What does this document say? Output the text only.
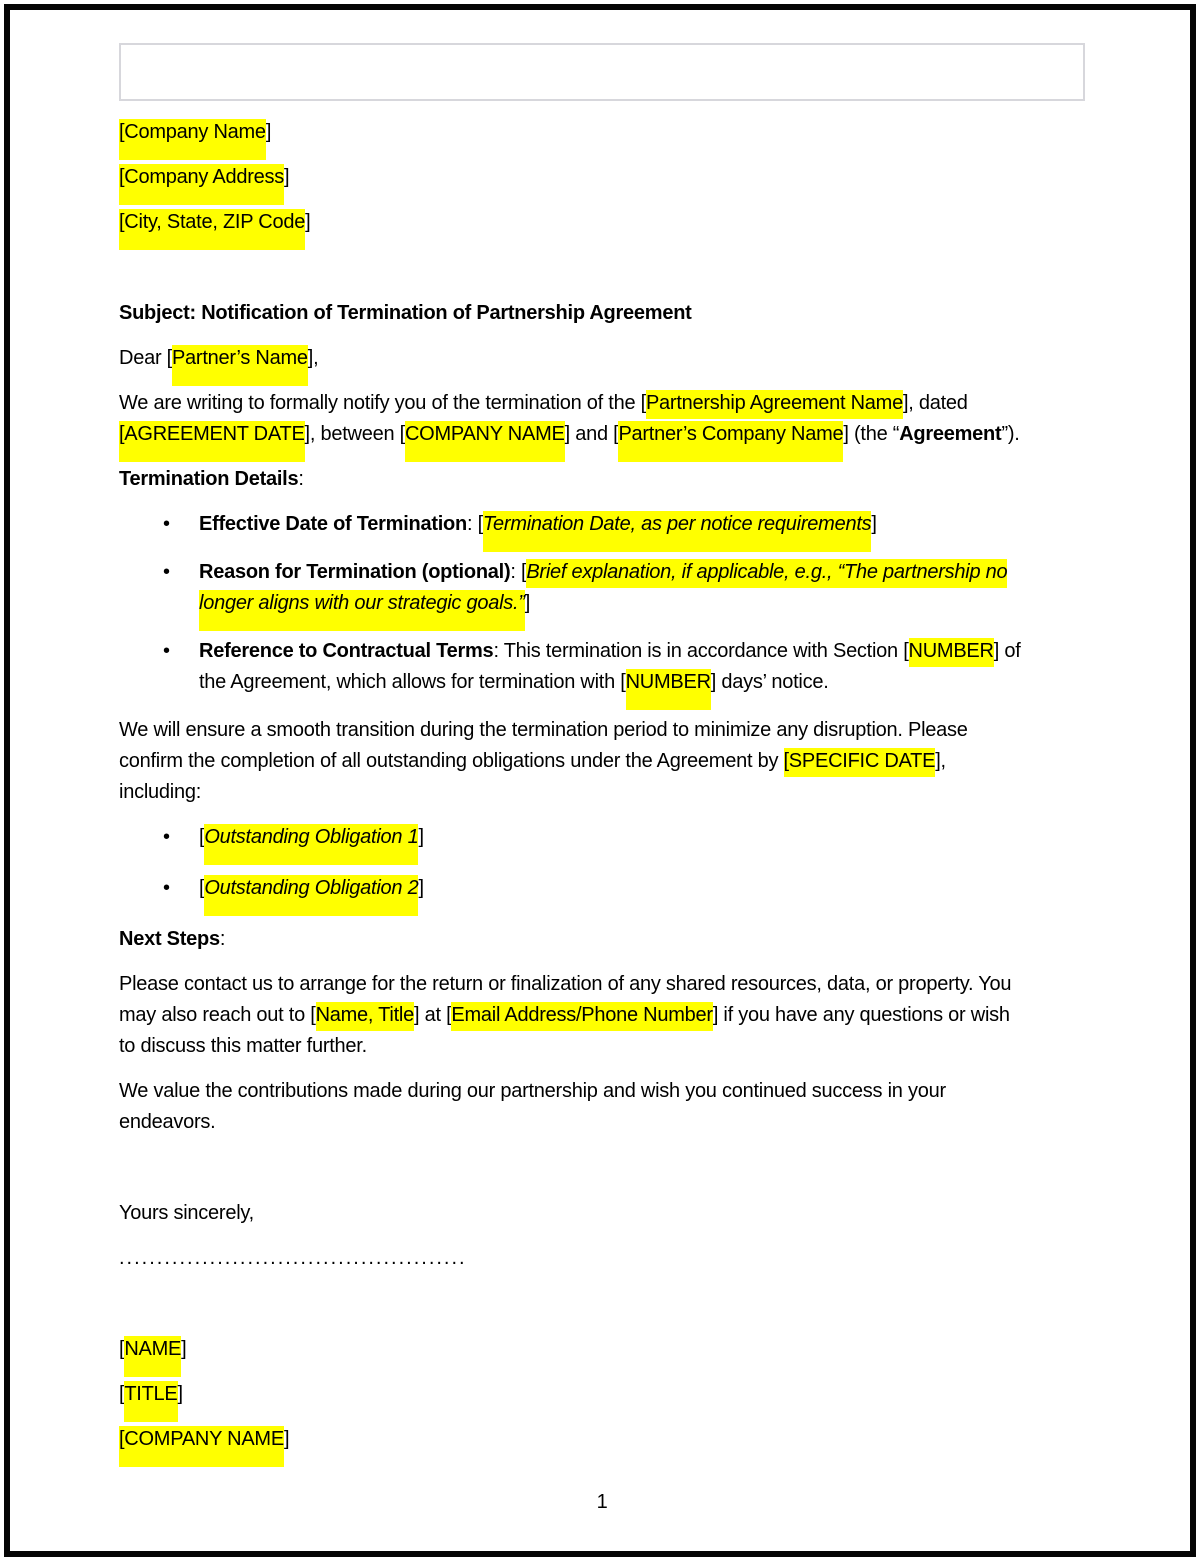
[Company Name]

[Company Address]

[City, State, ZIP Code]

Subject: Notification of Termination of Partnership Agreement

Dear [Partner’s Name],

We are writing to formally notify you of the termination of the [Partnership Agreement Name], dated
[AGREEMENT DATE], between [COMPANY NAME] and [Partner’s Company Name] (the “Agreement”).

Termination Details:

• Effective Date of Termination: [Termination Date, as per notice requirements]
• Reason for Termination (optional): [Brief explanation, if applicable, e.g., “The partnership no
longer aligns with our strategic goals.”]
• Reference to Contractual Terms: This termination is in accordance with Section [NUMBER] of
the Agreement, which allows for termination with [NUMBER] days’ notice.

We will ensure a smooth transition during the termination period to minimize any disruption. Please
confirm the completion of all outstanding obligations under the Agreement by [SPECIFIC DATE],
including:

• [Outstanding Obligation 1]
• [Outstanding Obligation 2]

Next Steps:

Please contact us to arrange for the return or finalization of any shared resources, data, or property. You
may also reach out to [Name, Title] at [Email Address/Phone Number] if you have any questions or wish
to discuss this matter further.

We value the contributions made during our partnership and wish you continued success in your
endeavors.

Yours sincerely,

..............................................

[NAME]

[TITLE]

[COMPANY NAME]

1
